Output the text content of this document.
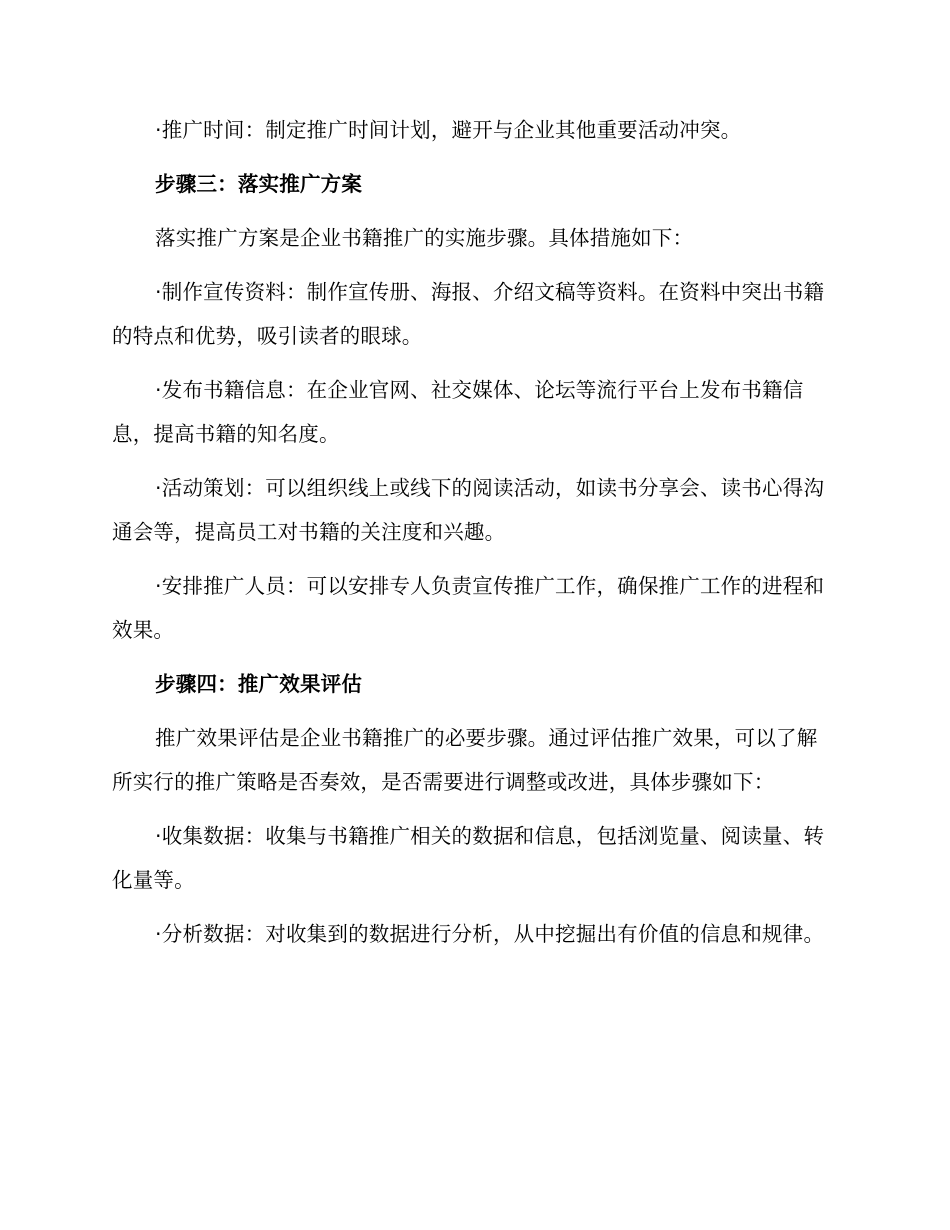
·推广时间：制定推广时间计划，避开与企业其他重要活动冲突。

步骤三：落实推广方案

落实推广方案是企业书籍推广的实施步骤。具体措施如下：

·制作宣传资料：制作宣传册、海报、介绍文稿等资料。在资料中突出书籍的特点和优势，吸引读者的眼球。

·发布书籍信息：在企业官网、社交媒体、论坛等流行平台上发布书籍信息，提高书籍的知名度。

·活动策划：可以组织线上或线下的阅读活动，如读书分享会、读书心得沟通会等，提高员工对书籍的关注度和兴趣。

·安排推广人员：可以安排专人负责宣传推广工作，确保推广工作的进程和效果。

步骤四：推广效果评估

推广效果评估是企业书籍推广的必要步骤。通过评估推广效果，可以了解所实行的推广策略是否奏效，是否需要进行调整或改进，具体步骤如下：

·收集数据：收集与书籍推广相关的数据和信息，包括浏览量、阅读量、转化量等。

·分析数据：对收集到的数据进行分析，从中挖掘出有价值的信息和规律。
